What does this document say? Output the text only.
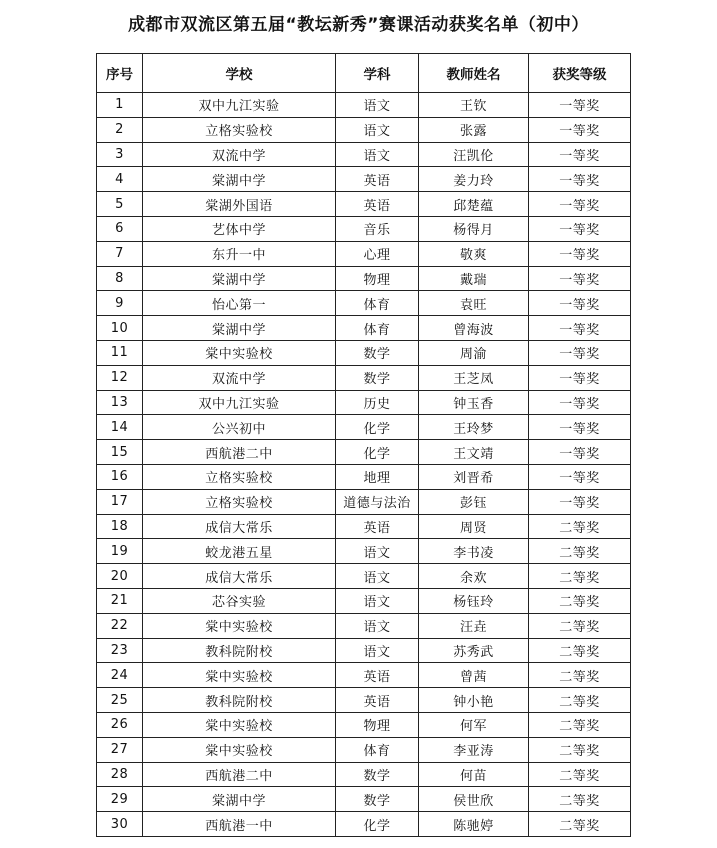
成都市双流区第五届“教坛新秀”赛课活动获奖名单（初中）
序号	学校	学科	教师姓名	获奖等级
1	双中九江实验	语文	王钦	一等奖
2	立格实验校	语文	张露	一等奖
3	双流中学	语文	汪凯伦	一等奖
4	棠湖中学	英语	姜力玲	一等奖
5	棠湖外国语	英语	邱楚蕴	一等奖
6	艺体中学	音乐	杨得月	一等奖
7	东升一中	心理	敬爽	一等奖
8	棠湖中学	物理	戴瑞	一等奖
9	怡心第一	体育	袁旺	一等奖
10	棠湖中学	体育	曾海波	一等奖
11	棠中实验校	数学	周渝	一等奖
12	双流中学	数学	王芝凤	一等奖
13	双中九江实验	历史	钟玉香	一等奖
14	公兴初中	化学	王玲梦	一等奖
15	西航港二中	化学	王文靖	一等奖
16	立格实验校	地理	刘晋希	一等奖
17	立格实验校	道德与法治	彭钰	一等奖
18	成信大常乐	英语	周贤	二等奖
19	蛟龙港五星	语文	李书凌	二等奖
20	成信大常乐	语文	余欢	二等奖
21	芯谷实验	语文	杨钰玲	二等奖
22	棠中实验校	语文	汪垚	二等奖
23	教科院附校	语文	苏秀武	二等奖
24	棠中实验校	英语	曾茜	二等奖
25	教科院附校	英语	钟小艳	二等奖
26	棠中实验校	物理	何军	二等奖
27	棠中实验校	体育	李亚涛	二等奖
28	西航港二中	数学	何苗	二等奖
29	棠湖中学	数学	侯世欣	二等奖
30	西航港一中	化学	陈驰婷	二等奖
